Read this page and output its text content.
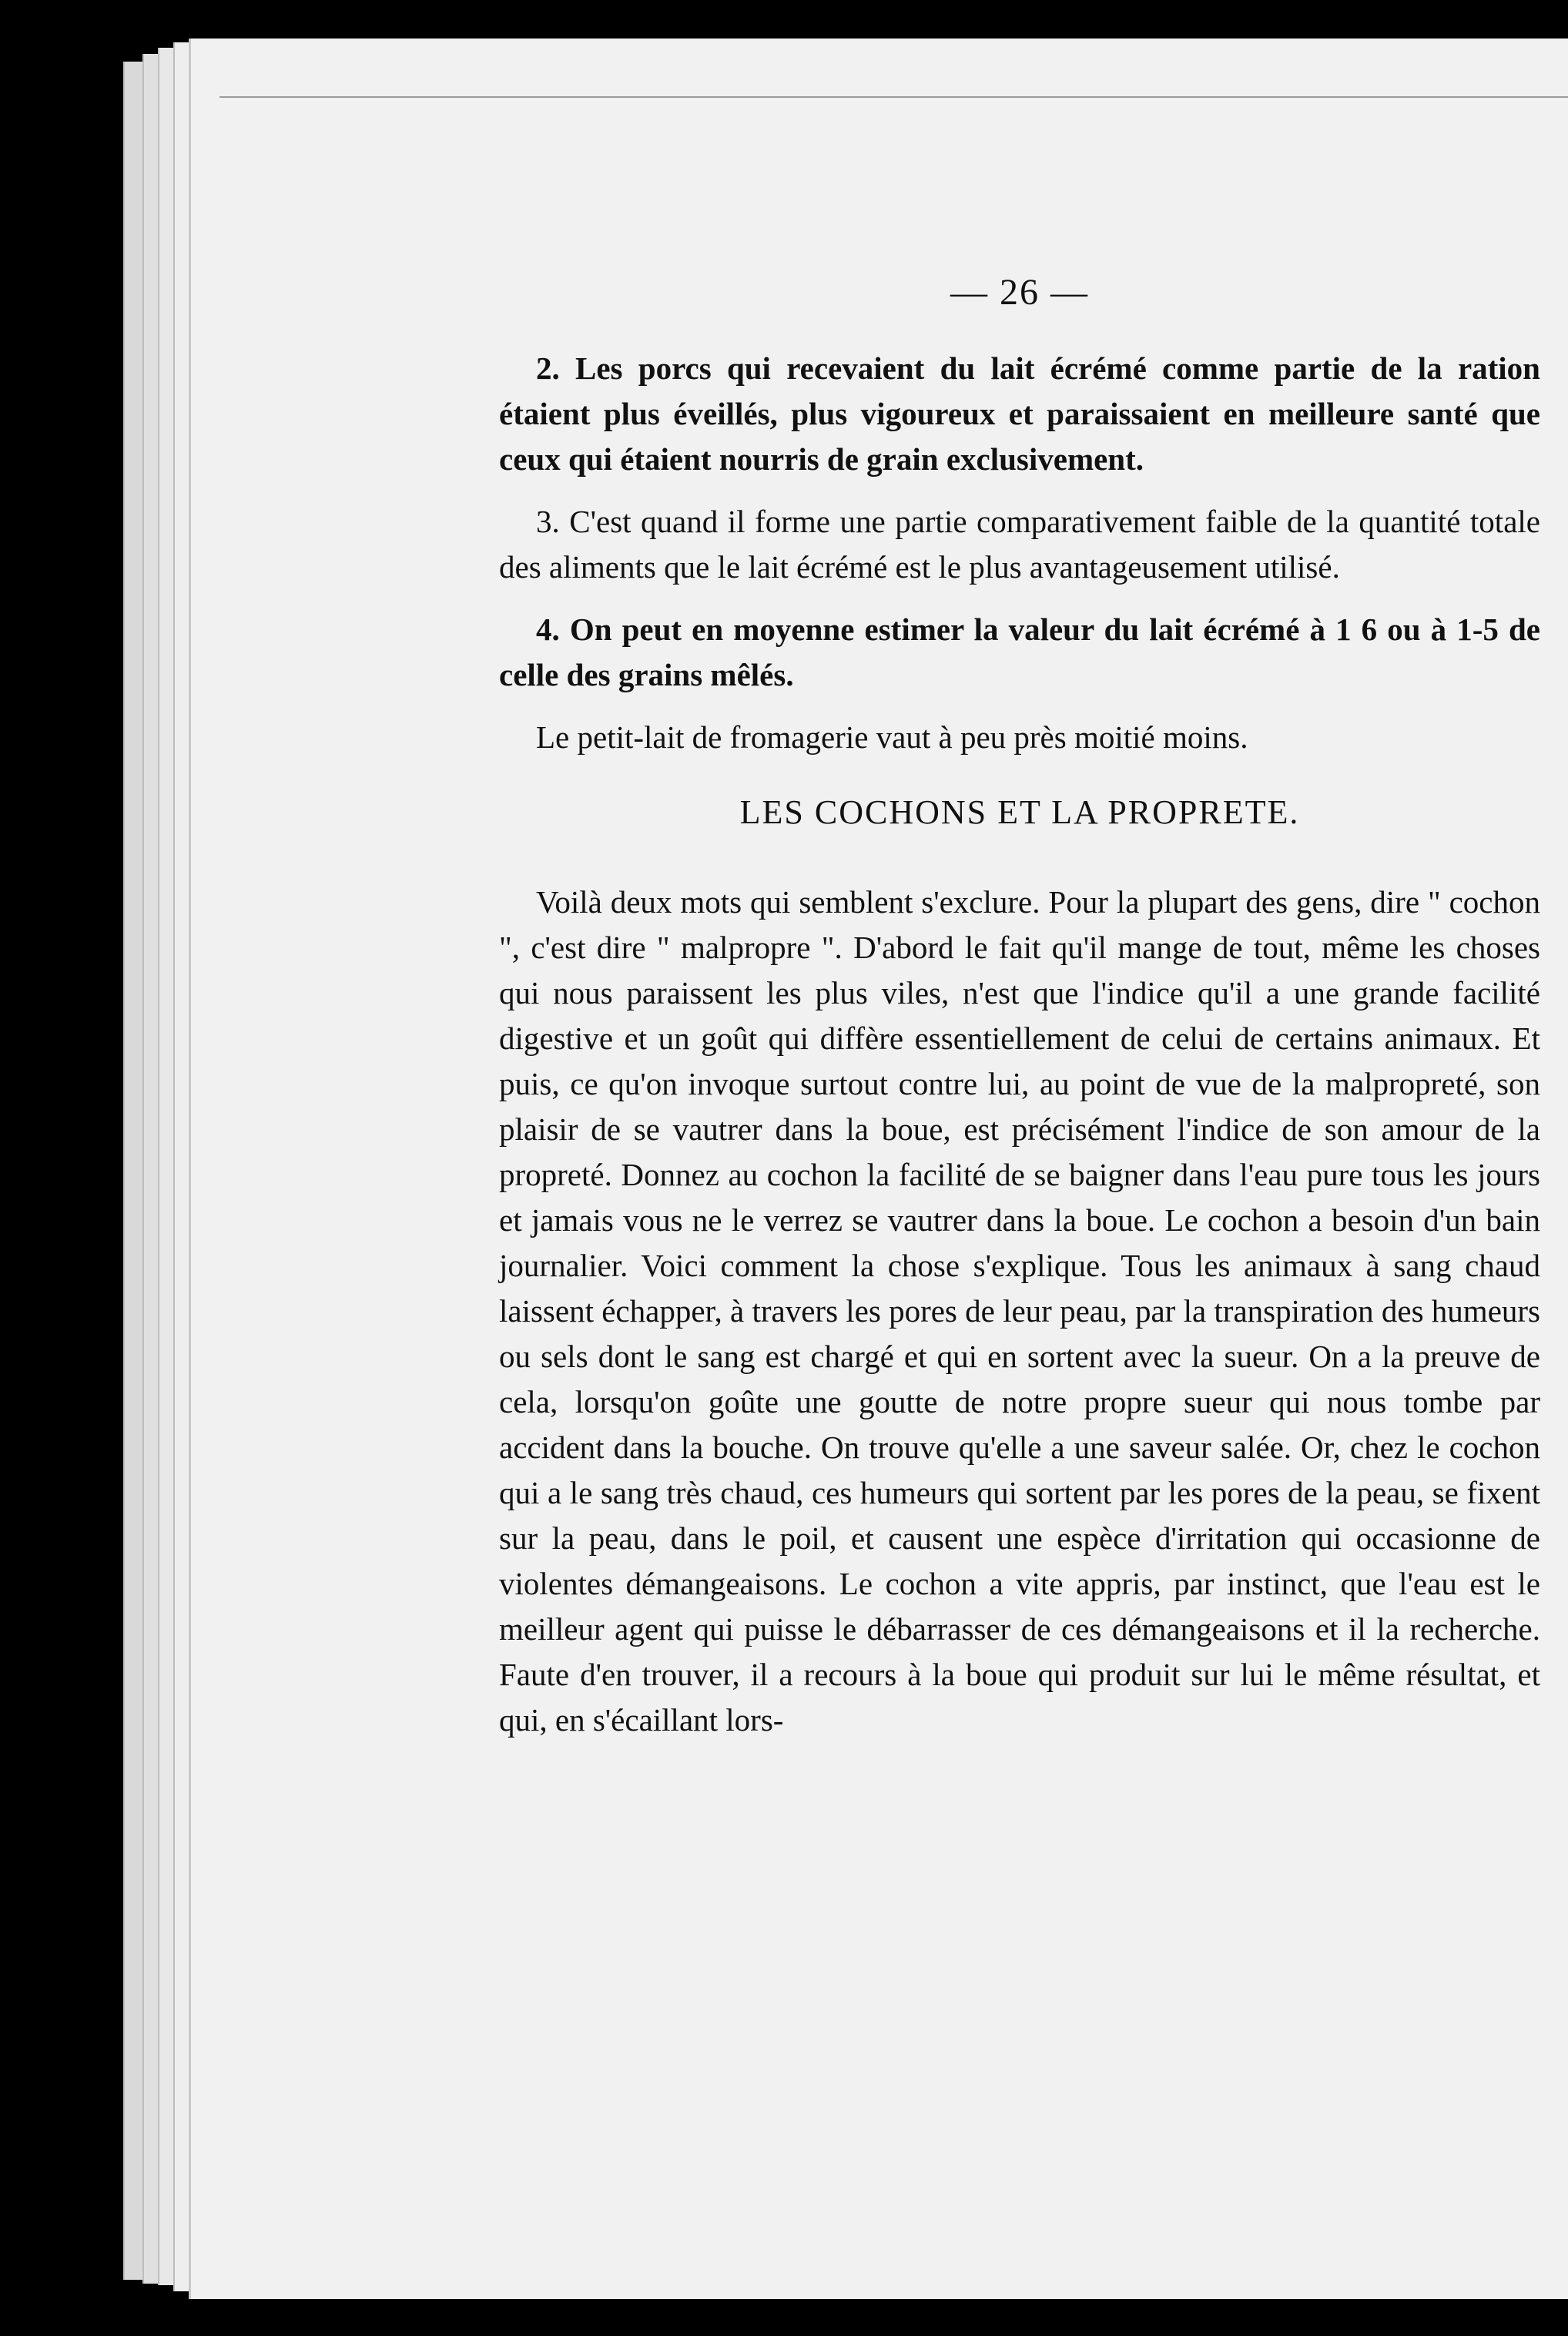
— 26 —

2. Les porcs qui recevaient du lait écrémé comme partie de la ration étaient plus éveillés, plus vigoureux et paraissaient en meilleure santé que ceux qui étaient nourris de grain exclusivement.

3. C'est quand il forme une partie comparativement faible de la quantité totale des aliments que le lait écrémé est le plus avantageusement utilisé.

4. On peut en moyenne estimer la valeur du lait écrémé à 1 6 ou à 1-5 de celle des grains mêlés.

Le petit-lait de fromagerie vaut à peu près moitié moins.

LES COCHONS ET LA PROPRETE.

Voilà deux mots qui semblent s'exclure. Pour la plupart des gens, dire " cochon ", c'est dire " malpropre ". D'abord le fait qu'il mange de tout, même les choses qui nous paraissent les plus viles, n'est que l'indice qu'il a une grande facilité digestive et un goût qui diffère essentiellement de celui de certains animaux. Et puis, ce qu'on invoque surtout contre lui, au point de vue de la malpropreté, son plaisir de se vautrer dans la boue, est précisément l'indice de son amour de la propreté. Donnez au cochon la facilité de se baigner dans l'eau pure tous les jours et jamais vous ne le verrez se vautrer dans la boue. Le cochon a besoin d'un bain journalier. Voici comment la chose s'explique. Tous les animaux à sang chaud laissent échapper, à travers les pores de leur peau, par la transpiration des humeurs ou sels dont le sang est chargé et qui en sortent avec la sueur. On a la preuve de cela, lorsqu'on goûte une goutte de notre propre sueur qui nous tombe par accident dans la bouche. On trouve qu'elle a une saveur salée. Or, chez le cochon qui a le sang très chaud, ces humeurs qui sortent par les pores de la peau, se fixent sur la peau, dans le poil, et causent une espèce d'irritation qui occasionne de violentes démangeaisons. Le cochon a vite appris, par instinct, que l'eau est le meilleur agent qui puisse le débarrasser de ces démangeaisons et il la recherche. Faute d'en trouver, il a recours à la boue qui produit sur lui le même résultat, et qui, en s'écaillant lors-
